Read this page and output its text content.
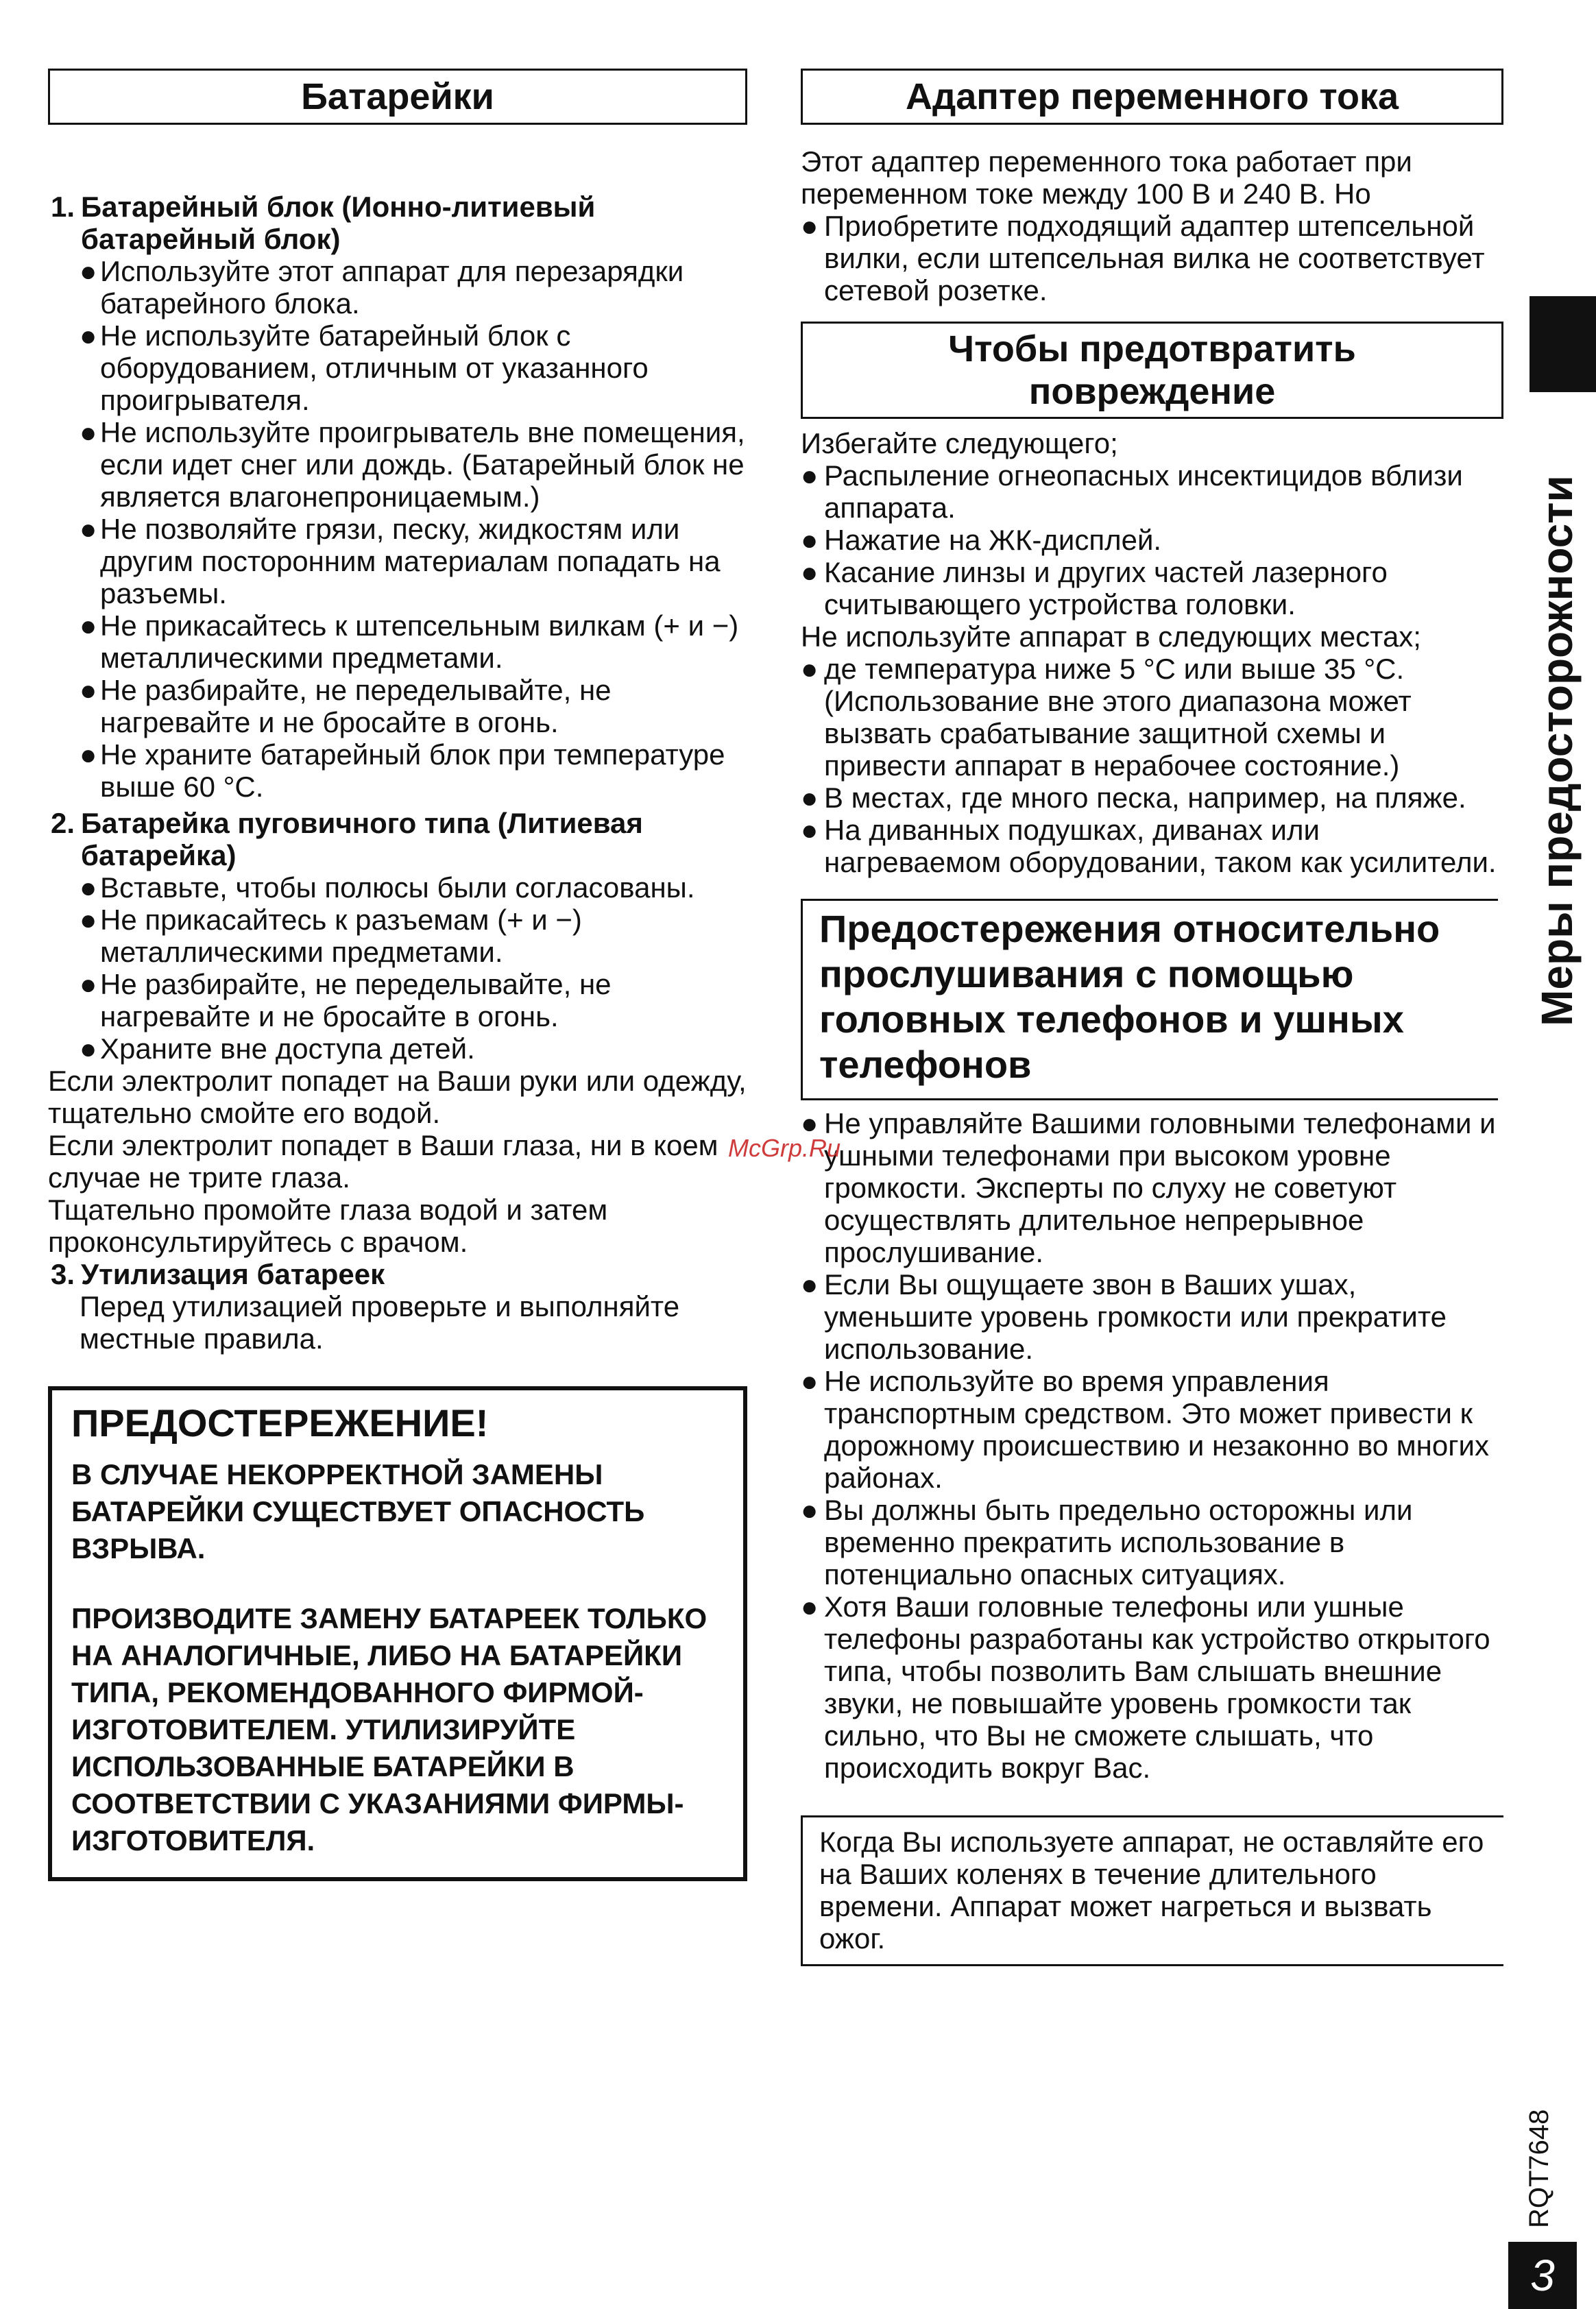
Батарейки
1. Батарейный блок (Ионно-литиевый батарейный блок)
● Используйте этот аппарат для перезарядки батарейного блока.
● Не используйте батарейный блок с оборудованием, отличным от указанного проигрывателя.
● Не используйте проигрыватель вне помещения, если идет снег или дождь. (Батарейный блок не является влагонепроницаемым.)
● Не позволяйте грязи, песку, жидкостям или другим посторонним материалам попадать на разъемы.
● Не прикасайтесь к штепсельным вилкам (+ и −) металлическими предметами.
● Не разбирайте, не переделывайте, не нагревайте и не бросайте в огонь.
● Не храните батарейный блок при температуре выше 60 °C.
2. Батарейка пуговичного типа (Литиевая батарейка)
● Вставьте, чтобы полюсы были согласованы.
● Не прикасайтесь к разъемам (+ и −) металлическими предметами.
● Не разбирайте, не переделывайте, не нагревайте и не бросайте в огонь.
● Храните вне доступа детей.
Если электролит попадет на Ваши руки или одежду, тщательно смойте его водой.
Если электролит попадет в Ваши глаза, ни в коем случае не трите глаза.
Тщательно промойте глаза водой и затем проконсультируйтесь с врачом.
3. Утилизация батареек
Перед утилизацией проверьте и выполняйте местные правила.
ПРЕДОСТЕРЕЖЕНИЕ!
В СЛУЧАЕ НЕКОРРЕКТНОЙ ЗАМЕНЫ БАТАРЕЙКИ СУЩЕСТВУЕТ ОПАСНОСТЬ ВЗРЫВА.
ПРОИЗВОДИТЕ ЗАМЕНУ БАТАРЕЕК ТОЛЬКО НА АНАЛОГИЧНЫЕ, ЛИБО НА БАТАРЕЙКИ ТИПА, РЕКОМЕНДОВАННОГО ФИРМОЙ-ИЗГОТОВИТЕЛЕМ. УТИЛИЗИРУЙТЕ ИСПОЛЬЗОВАННЫЕ БАТАРЕЙКИ В СООТВЕТСТВИИ С УКАЗАНИЯМИ ФИРМЫ-ИЗГОТОВИТЕЛЯ.
Адаптер переменного тока
Этот адаптер переменного тока работает при переменном токе между 100 В и 240 В. Но
● Приобретите подходящий адаптер штепсельной вилки, если штепсельная вилка не соответствует сетевой розетке.
Чтобы предотвратить повреждение
Избегайте следующего;
● Распыление огнеопасных инсектицидов вблизи аппарата.
● Нажатие на ЖК-дисплей.
● Касание линзы и других частей лазерного считывающего устройства головки.
Не используйте аппарат в следующих местах;
● де температура ниже 5 °C или выше 35 °C. (Использование вне этого диапазона может вызвать срабатывание защитной схемы и привести аппарат в нерабочее состояние.)
● В местах, где много песка, например, на пляже.
● На диванных подушках, диванах или нагреваемом оборудовании, таком как усилители.
Предостережения относительно прослушивания с помощью головных телефонов и ушных телефонов
● Не управляйте Вашими головными телефонами и ушными телефонами при высоком уровне громкости. Эксперты по слуху не советуют осуществлять длительное непрерывное прослушивание.
● Если Вы ощущаете звон в Ваших ушах, уменьшите уровень громкости или прекратите использование.
● Не используйте во время управления транспортным средством. Это может привести к дорожному происшествию и незаконно во многих районах.
● Вы должны быть предельно осторожны или временно прекратить использование в потенциально опасных ситуациях.
● Хотя Ваши головные телефоны или ушные телефоны разработаны как устройство открытого типа, чтобы позволить Вам слышать внешние звуки, не повышайте уровень громкости так сильно, что Вы не сможете слышать, что происходить вокруг Вас.
Когда Вы используете аппарат, не оставляйте его на Ваших коленях в течение длительного времени. Аппарат может нагреться и вызвать ожог.
Меры предосторожности
RQT7648
3
McGrp.Ru
